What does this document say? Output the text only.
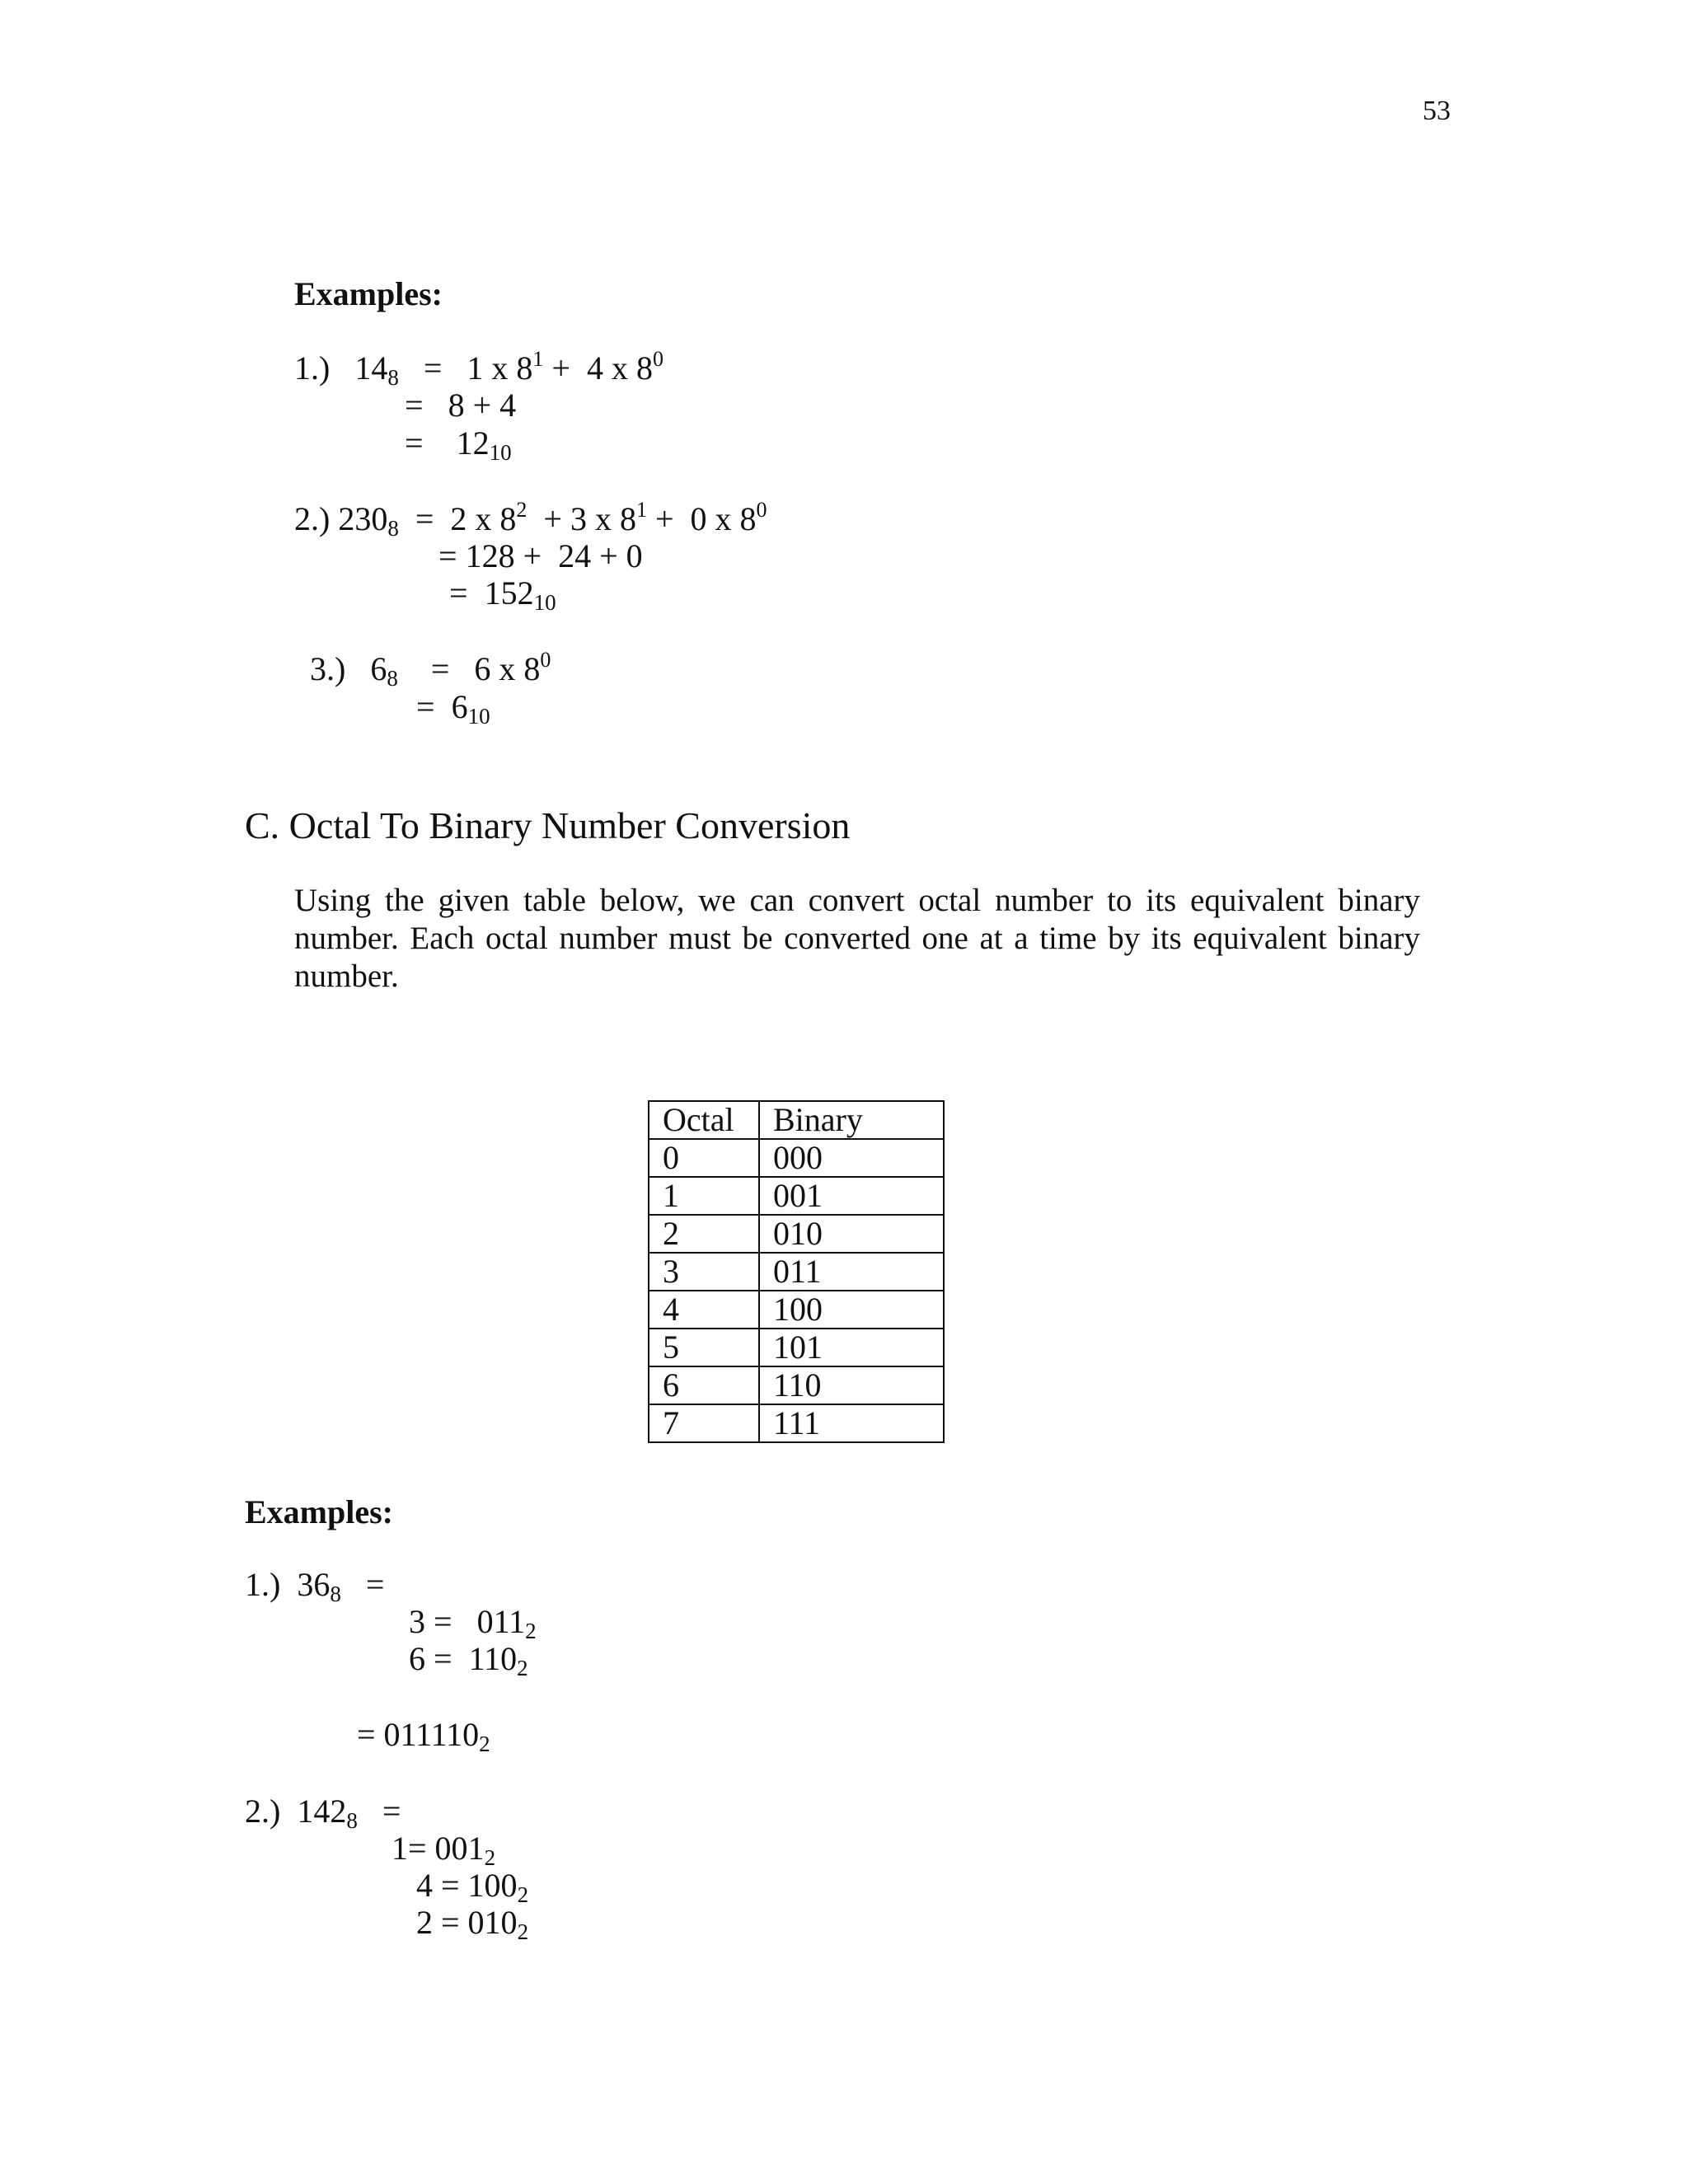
53
Examples:
1.) $14_8 = 1$ x $8^1 + 4$ x $8^0$
= 8 + 4
= $12_{10}$
2.) $230_8 = 2$ x $8^2 + 3$ x $8^1 + 0$ x $8^0$
= 128 +  24 + 0
= $152_{10}$
3.) $6_8 = 6$ x $8^0$
= $6_{10}$
C. Octal To Binary Number Conversion
Using the given table below, we can convert octal number to its equivalent binary number. Each octal number must be converted one at a time by its equivalent binary number.
Octal	Binary
0	000
1	001
2	010
3	011
4	100
5	101
6	110
7	111
Examples:
1.) $36_8$ =
$3 = 011_2$
$6 = 110_2$
= $011110_2$
2.) $142_8$ =
$1= 001_2$
$4 = 100_2$
$2 = 010_2$
